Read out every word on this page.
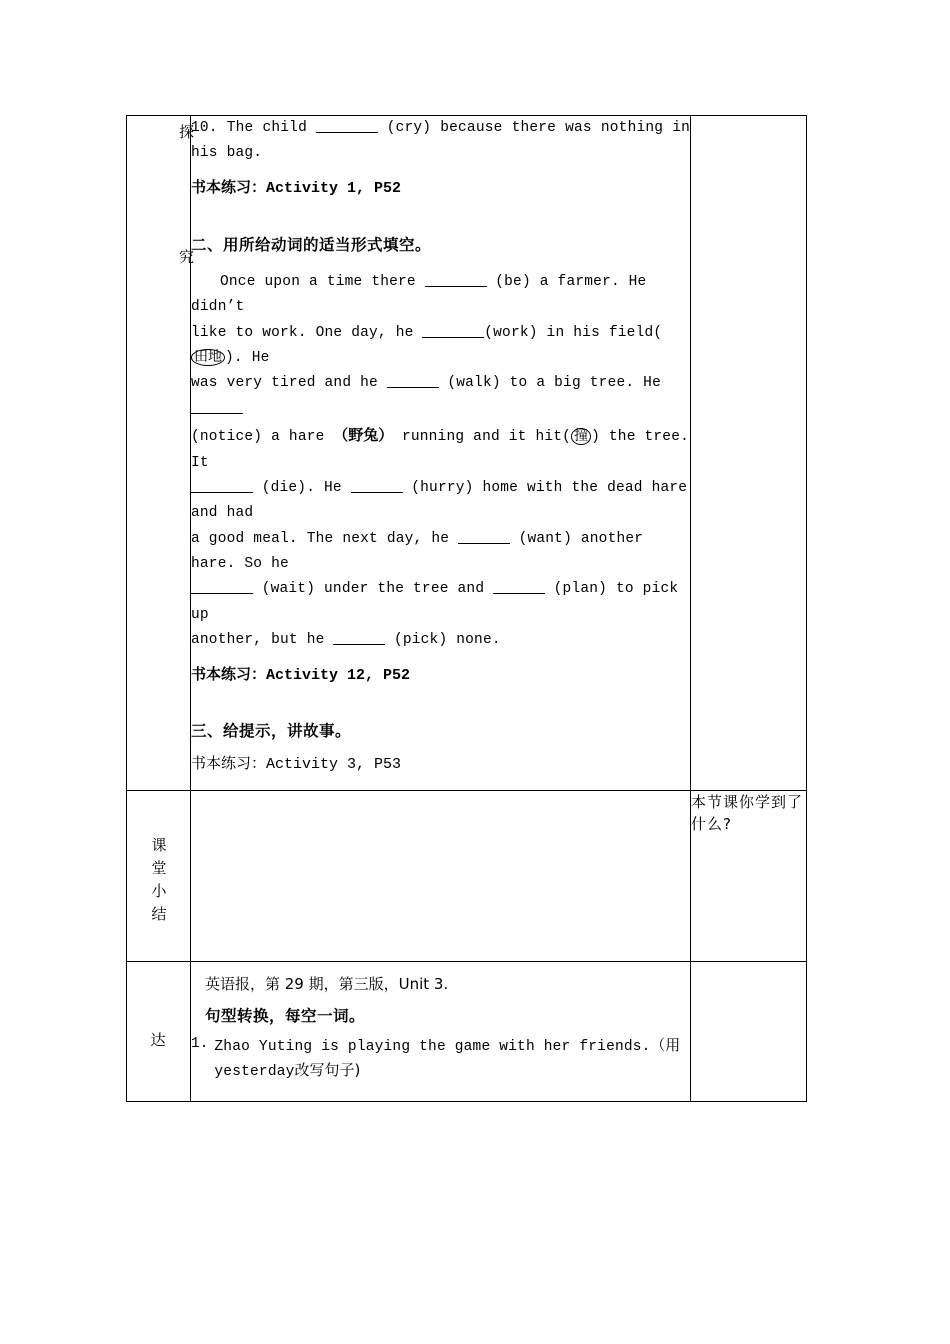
探究

10. The child	(cry) because there was nothing in his bag.
书本练习：Activity 1, P52
二、用所给动词的适当形式填空。
Once upon a time there	(be) a farmer. He didn’t
like to work. One day, he	(work) in his field(田地 ). He
was very tired and he	(walk) to a big tree. He
(notice) a hare （野兔） running and it hit( 撞 ) the tree. It
(die). He	(hurry) home with the dead hare and had
a good meal. The next day, he	(want) another hare. So he
(wait) under the tree and	(plan) to pick up
another, but he	(pick) none.
书本练习：Activity 12, P52
三、给提示，讲故事。
书本练习：Activity 3, P53

课堂小结		本节课你学到了什么?

达	英语报，第 29 期，第三版，Unit 3.
句型转换，每空一词。
1. Zhao Yuting is playing the game with her friends.（用 yesterday改写句子)	
